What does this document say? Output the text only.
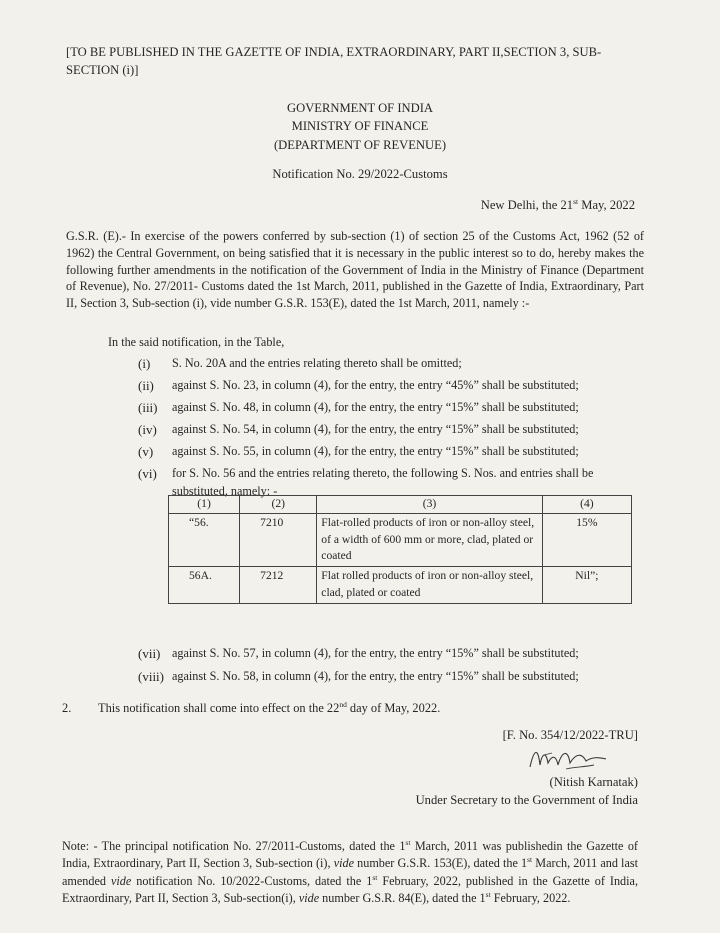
[TO BE PUBLISHED IN THE GAZETTE OF INDIA, EXTRAORDINARY, PART II,SECTION 3, SUB-SECTION (i)]
GOVERNMENT OF INDIA
MINISTRY OF FINANCE
(DEPARTMENT OF REVENUE)
Notification No. 29/2022-Customs
New Delhi, the 21st May, 2022
G.S.R. (E).- In exercise of the powers conferred by sub-section (1) of section 25 of the Customs Act, 1962 (52 of 1962) the Central Government, on being satisfied that it is necessary in the public interest so to do, hereby makes the following further amendments in the notification of the Government of India in the Ministry of Finance (Department of Revenue), No. 27/2011- Customs dated the 1st March, 2011, published in the Gazette of India, Extraordinary, Part II, Section 3, Sub-section (i), vide number G.S.R. 153(E), dated the 1st March, 2011, namely :-
In the said notification, in the Table,
(i)	S. No. 20A and the entries relating thereto shall be omitted;
(ii)	against S. No. 23, in column (4), for the entry, the entry “45%” shall be substituted;
(iii)	against S. No. 48, in column (4), for the entry, the entry “15%” shall be substituted;
(iv)	against S. No. 54, in column (4), for the entry, the entry “15%” shall be substituted;
(v)	against S. No. 55, in column (4), for the entry, the entry “15%” shall be substituted;
(vi)	for S. No. 56 and the entries relating thereto, the following S. Nos. and entries shall be substituted, namely: -
(1)	(2)	(3)	(4)
“56.	7210	Flat-rolled products of iron or non-alloy steel, of a width of 600 mm or more, clad, plated or coated	15%
56A.	7212	Flat rolled products of iron or non-alloy steel, clad, plated or coated	Nil”;
(vii) against S. No. 57, in column (4), for the entry, the entry “15%” shall be substituted;
(viii) against S. No. 58, in column (4), for the entry, the entry “15%” shall be substituted;
2. This notification shall come into effect on the 22nd day of May, 2022.
[F. No. 354/12/2022-TRU]
(Nitish Karnatak)
Under Secretary to the Government of India
Note: - The principal notification No. 27/2011-Customs, dated the 1st March, 2011 was publishedin the Gazette of India, Extraordinary, Part II, Section 3, Sub-section (i), vide number G.S.R. 153(E), dated the 1st March, 2011 and last amended vide notification No. 10/2022-Customs, dated the 1st February, 2022, published in the Gazette of India, Extraordinary, Part II, Section 3, Sub-section(i), vide number G.S.R. 84(E), dated the 1st February, 2022.
